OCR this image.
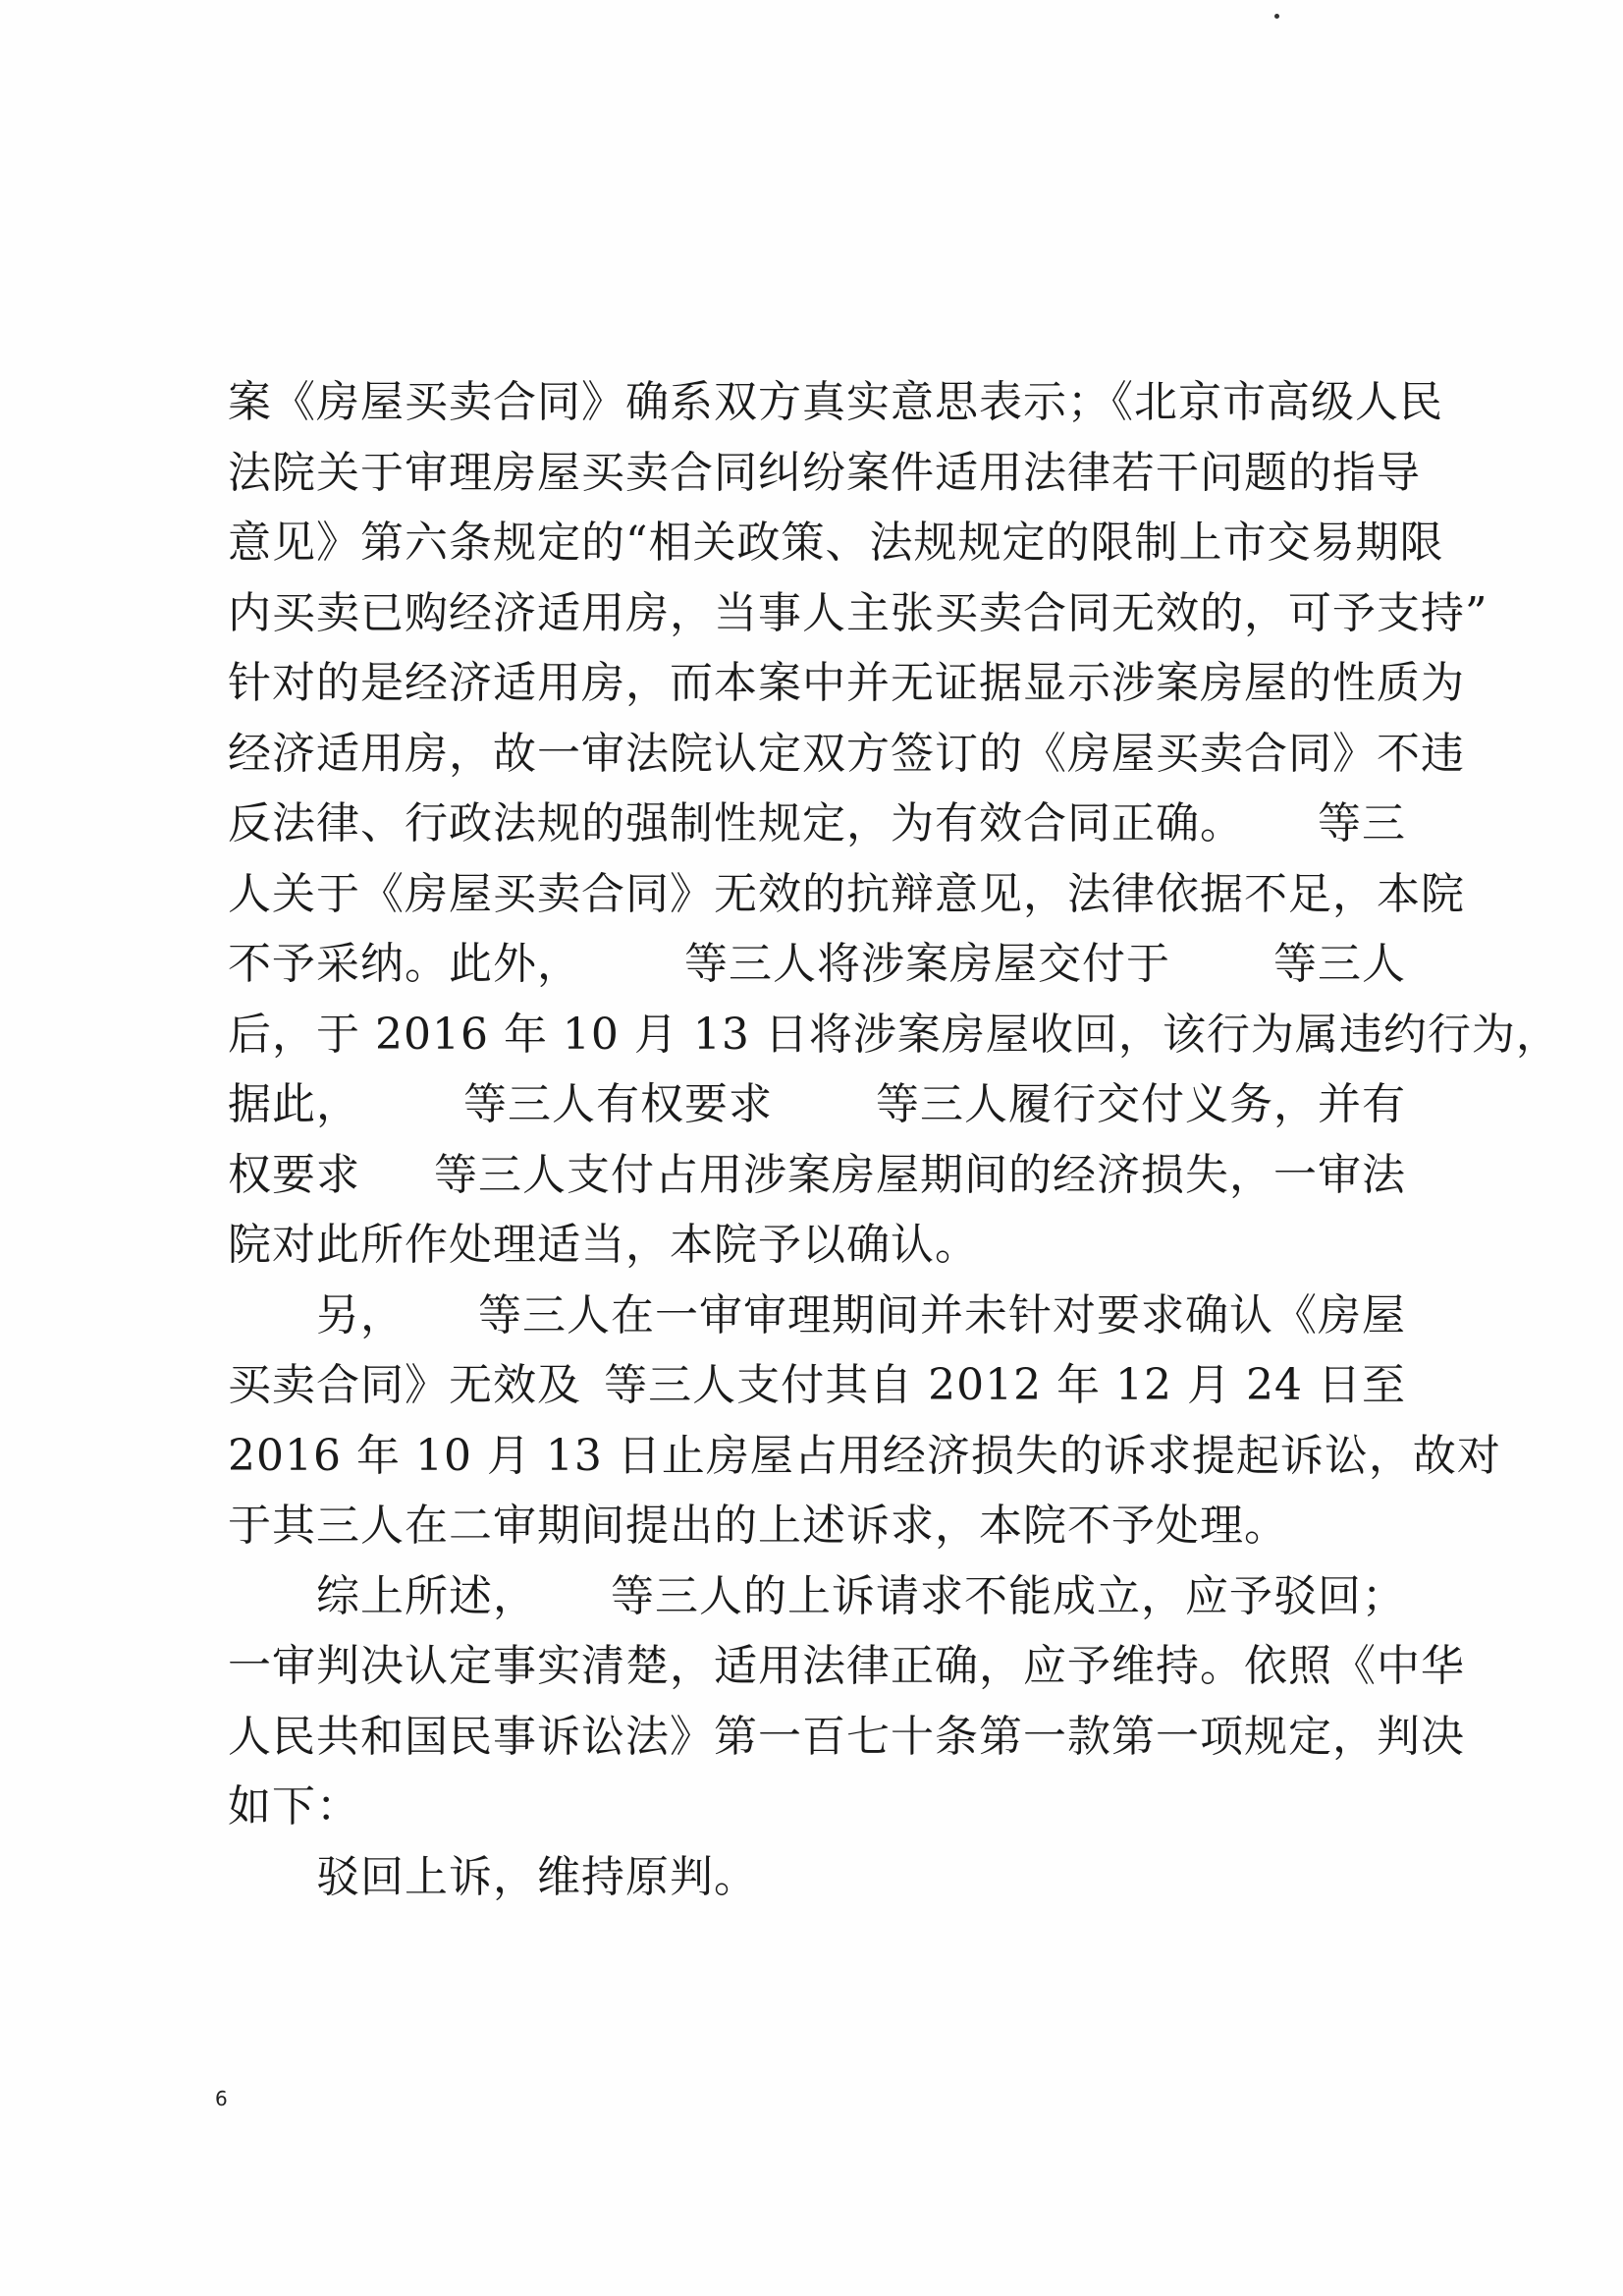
案《房屋买卖合同》确系双方真实意思表示；《北京市高级人民
法院关于审理房屋买卖合同纠纷案件适用法律若干问题的指导
意见》第六条规定的“相关政策、法规规定的限制上市交易期限
内买卖已购经济适用房，当事人主张买卖合同无效的，可予支持”
针对的是经济适用房，而本案中并无证据显示涉案房屋的性质为
经济适用房，故一审法院认定双方签订的《房屋买卖合同》不违
反法律、行政法规的强制性规定，为有效合同正确。 等三
人关于《房屋买卖合同》无效的抗辩意见，法律依据不足，本院
不予采纳。此外， 等三人将涉案房屋交付于 等三人
后，于 2016 年 10 月 13 日将涉案房屋收回，该行为属违约行为，
据此， 等三人有权要求 等三人履行交付义务，并有
权要求 等三人支付占用涉案房屋期间的经济损失，一审法
院对此所作处理适当，本院予以确认。
另， 等三人在一审审理期间并未针对要求确认《房屋
买卖合同》无效及 等三人支付其自 2012 年 12 月 24 日至
2016 年 10 月 13 日止房屋占用经济损失的诉求提起诉讼，故对
于其三人在二审期间提出的上述诉求，本院不予处理。
综上所述， 等三人的上诉请求不能成立，应予驳回；
一审判决认定事实清楚，适用法律正确，应予维持。依照《中华
人民共和国民事诉讼法》第一百七十条第一款第一项规定，判决
如下：
驳回上诉，维持原判。
6
